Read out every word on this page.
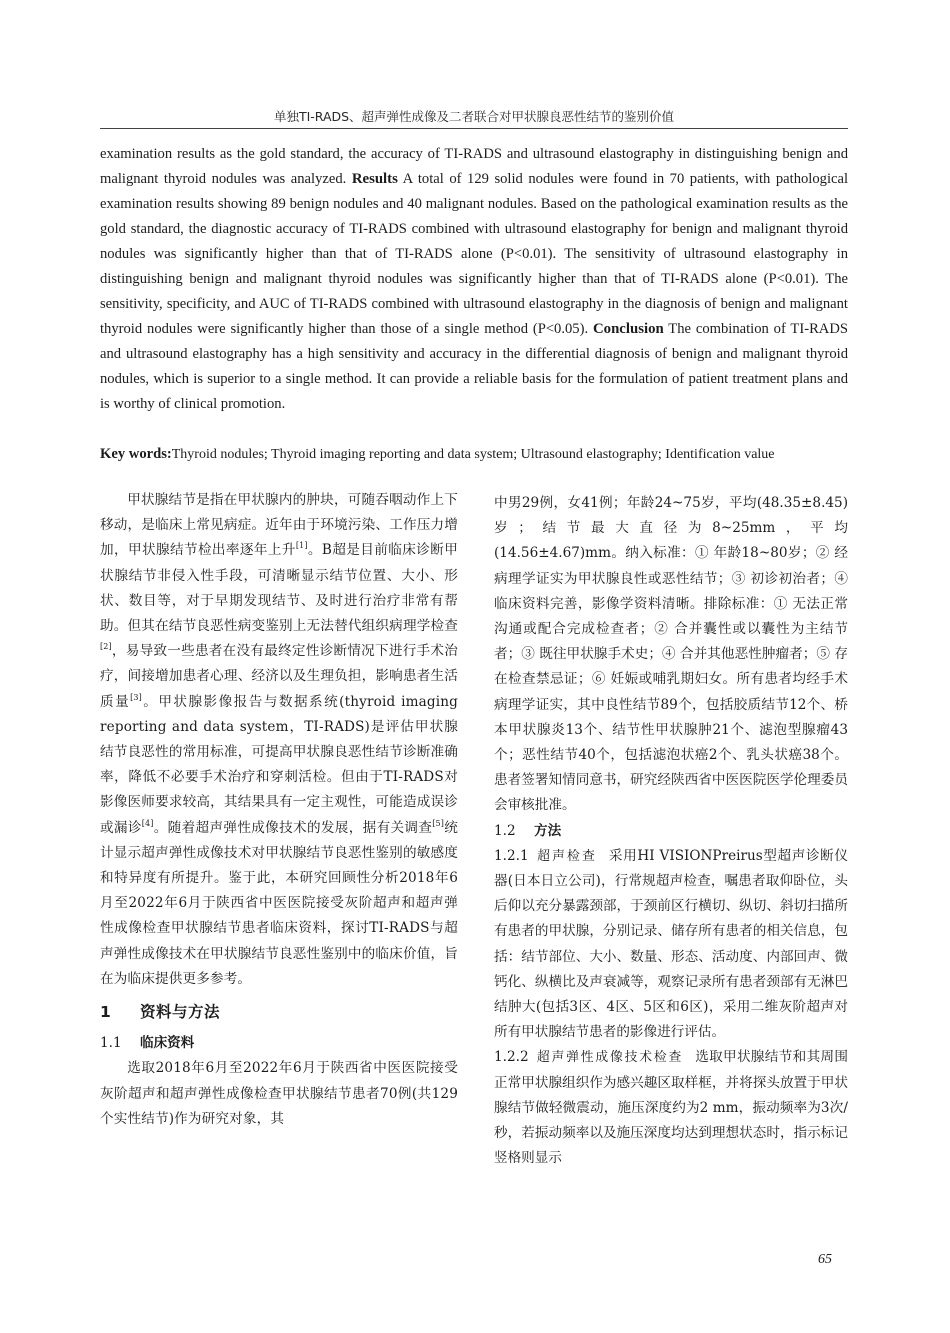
单独TI-RADS、超声弹性成像及二者联合对甲状腺良恶性结节的鉴别价值

examination results as the gold standard, the accuracy of TI-RADS and ultrasound elastography in distinguishing benign and malignant thyroid nodules was analyzed. Results A total of 129 solid nodules were found in 70 patients, with pathological examination results showing 89 benign nodules and 40 malignant nodules. Based on the pathological examination results as the gold standard, the diagnostic accuracy of TI-RADS combined with ultrasound elastography for benign and malignant thyroid nodules was significantly higher than that of TI-RADS alone (P<0.01). The sensitivity of ultrasound elastography in distinguishing benign and malignant thyroid nodules was significantly higher than that of TI-RADS alone (P<0.01). The sensitivity, specificity, and AUC of TI-RADS combined with ultrasound elastography in the diagnosis of benign and malignant thyroid nodules were significantly higher than those of a single method (P<0.05). Conclusion The combination of TI-RADS and ultrasound elastography has a high sensitivity and accuracy in the differential diagnosis of benign and malignant thyroid nodules, which is superior to a single method. It can provide a reliable basis for the formulation of patient treatment plans and is worthy of clinical promotion.

Key words:Thyroid nodules; Thyroid imaging reporting and data system; Ultrasound elastography; Identification value

甲状腺结节是指在甲状腺内的肿块，可随吞咽动作上下移动，是临床上常见病症。近年由于环境污染、工作压力增加，甲状腺结节检出率逐年上升[1]。B超是目前临床诊断甲状腺结节非侵入性手段，可清晰显示结节位置、大小、形状、数目等，对于早期发现结节、及时进行治疗非常有帮助。但其在结节良恶性病变鉴别上无法替代组织病理学检查[2]，易导致一些患者在没有最终定性诊断情况下进行手术治疗，间接增加患者心理、经济以及生理负担，影响患者生活质量[3]。甲状腺影像报告与数据系统(thyroid imaging reporting and data system，TI-RADS)是评估甲状腺结节良恶性的常用标准，可提高甲状腺良恶性结节诊断准确率，降低不必要手术治疗和穿刺活检。但由于TI-RADS对影像医师要求较高，其结果具有一定主观性，可能造成误诊或漏诊[4]。随着超声弹性成像技术的发展，据有关调查[5]统计显示超声弹性成像技术对甲状腺结节良恶性鉴别的敏感度和特异度有所提升。鉴于此，本研究回顾性分析2018年6月至2022年6月于陕西省中医医院接受灰阶超声和超声弹性成像检查甲状腺结节患者临床资料，探讨TI-RADS与超声弹性成像技术在甲状腺结节良恶性鉴别中的临床价值，旨在为临床提供更多参考。

1 资料与方法
1.1 临床资料

选取2018年6月至2022年6月于陕西省中医医院接受灰阶超声和超声弹性成像检查甲状腺结节患者70例(共129个实性结节)作为研究对象，其

中男29例，女41例；年龄24~75岁，平均(48.35±8.45)岁；结节最大直径为8~25mm，平均(14.56±4.67)mm。纳入标准：① 年龄18~80岁；② 经病理学证实为甲状腺良性或恶性结节；③ 初诊初治者；④ 临床资料完善，影像学资料清晰。排除标准：① 无法正常沟通或配合完成检查者；② 合并囊性或以囊性为主结节者；③ 既往甲状腺手术史；④ 合并其他恶性肿瘤者；⑤ 存在检查禁忌证；⑥ 妊娠或哺乳期妇女。所有患者均经手术病理学证实，其中良性结节89个，包括胶质结节12个、桥本甲状腺炎13个、结节性甲状腺肿21个、滤泡型腺瘤43个；恶性结节40个，包括滤泡状癌2个、乳头状癌38个。患者签署知情同意书，研究经陕西省中医医院医学伦理委员会审核批准。

1.2 方法

1.2.1 超声检查 采用HI VISIONPreirus型超声诊断仪器(日本日立公司)，行常规超声检查，嘱患者取仰卧位，头后仰以充分暴露颈部，于颈前区行横切、纵切、斜切扫描所有患者的甲状腺，分别记录、储存所有患者的相关信息，包括：结节部位、大小、数量、形态、活动度、内部回声、微钙化、纵横比及声衰减等，观察记录所有患者颈部有无淋巴结肿大(包括3区、4区、5区和6区)，采用二维灰阶超声对所有甲状腺结节患者的影像进行评估。

1.2.2 超声弹性成像技术检查 选取甲状腺结节和其周围正常甲状腺组织作为感兴趣区取样框，并将探头放置于甲状腺结节做轻微震动，施压深度约为2 mm，振动频率为3次/秒，若振动频率以及施压深度均达到理想状态时，指示标记竖格则显示

65
